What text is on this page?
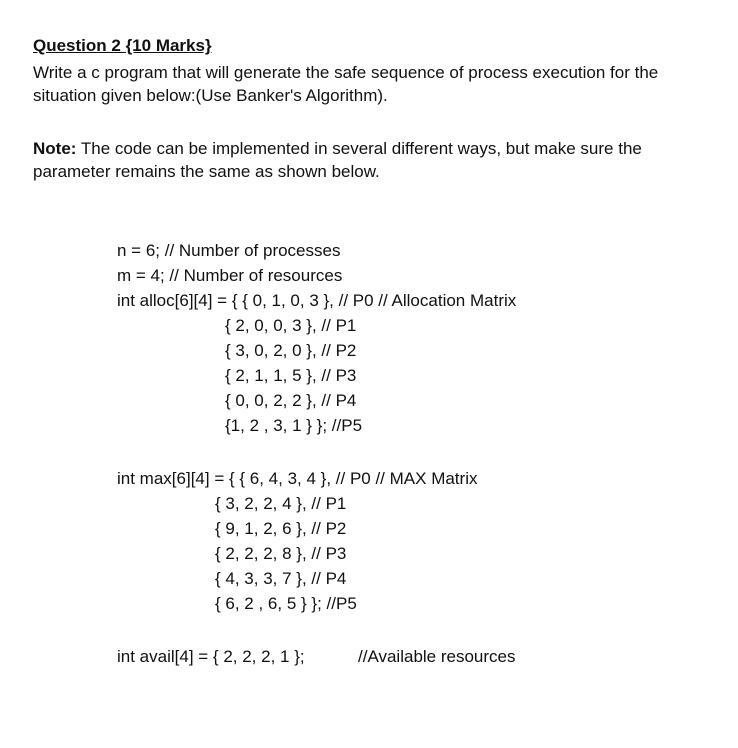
Question 2 {10 Marks}
Write a c program that will generate the safe sequence of process execution for the
situation given below:(Use Banker's Algorithm).
Note: The code can be implemented in several different ways, but make sure the
parameter remains the same as shown below.
n = 6; // Number of processes
m = 4; // Number of resources
int alloc[6][4] = { { 0, 1, 0, 3 }, // P0 // Allocation Matrix
{ 2, 0, 0, 3 }, // P1
{ 3, 0, 2, 0 }, // P2
{ 2, 1, 1, 5 }, // P3
{ 0, 0, 2, 2 }, // P4
{1, 2 , 3, 1 } }; //P5
int max[6][4] = { { 6, 4, 3, 4 }, // P0 // MAX Matrix
{ 3, 2, 2, 4 }, // P1
{ 9, 1, 2, 6 }, // P2
{ 2, 2, 2, 8 }, // P3
{ 4, 3, 3, 7 }, // P4
{ 6, 2 , 6, 5 } }; //P5
int avail[4] = { 2, 2, 2, 1 };	//Available resources
